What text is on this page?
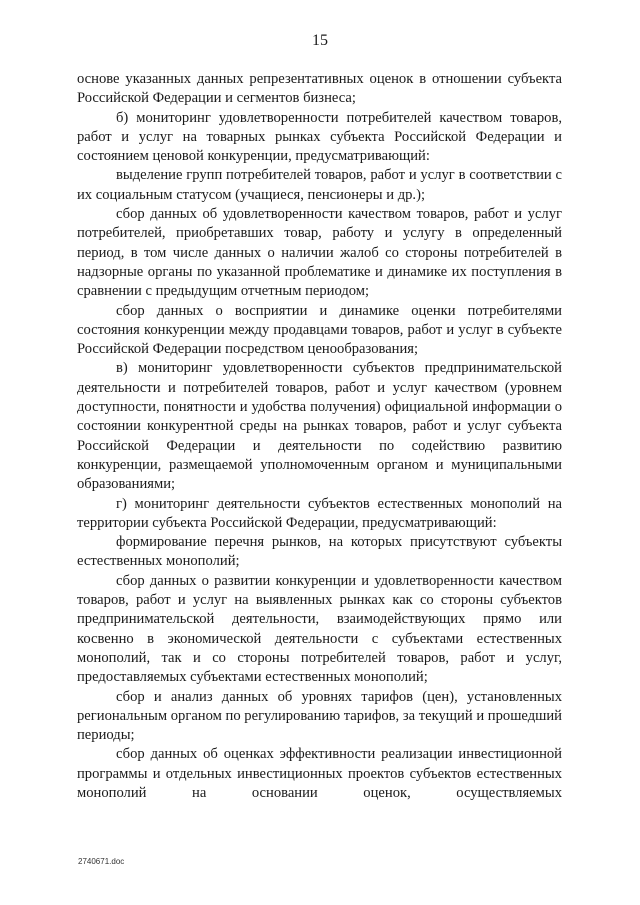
15

основе указанных данных репрезентативных оценок в отношении субъекта Российской Федерации и сегментов бизнеса;

б) мониторинг удовлетворенности потребителей качеством товаров, работ и услуг на товарных рынках субъекта Российской Федерации и состоянием ценовой конкуренции, предусматривающий:

выделение групп потребителей товаров, работ и услуг в соответствии с их социальным статусом (учащиеся, пенсионеры и др.);

сбор данных об удовлетворенности качеством товаров, работ и услуг потребителей, приобретавших товар, работу и услугу в определенный период, в том числе данных о наличии жалоб со стороны потребителей в надзорные органы по указанной проблематике и динамике их поступления в сравнении с предыдущим отчетным периодом;

сбор данных о восприятии и динамике оценки потребителями состояния конкуренции между продавцами товаров, работ и услуг в субъекте Российской Федерации посредством ценообразования;

в) мониторинг удовлетворенности субъектов предпринимательской деятельности и потребителей товаров, работ и услуг качеством (уровнем доступности, понятности и удобства получения) официальной информации о состоянии конкурентной среды на рынках товаров, работ и услуг субъекта Российской Федерации и деятельности по содействию развитию конкуренции, размещаемой уполномоченным органом и муниципальными образованиями;

г) мониторинг деятельности субъектов естественных монополий на территории субъекта Российской Федерации, предусматривающий:

формирование перечня рынков, на которых присутствуют субъекты естественных монополий;

сбор данных о развитии конкуренции и удовлетворенности качеством товаров, работ и услуг на выявленных рынках как со стороны субъектов предпринимательской деятельности, взаимодействующих прямо или косвенно в экономической деятельности с субъектами естественных монополий, так и со стороны потребителей товаров, работ и услуг, предоставляемых субъектами естественных монополий;

сбор и анализ данных об уровнях тарифов (цен), установленных региональным органом по регулированию тарифов, за текущий и прошедший периоды;

сбор данных об оценках эффективности реализации инвестиционной программы и отдельных инвестиционных проектов субъектов естественных монополий на основании оценок, осуществляемых

2740671.doc
